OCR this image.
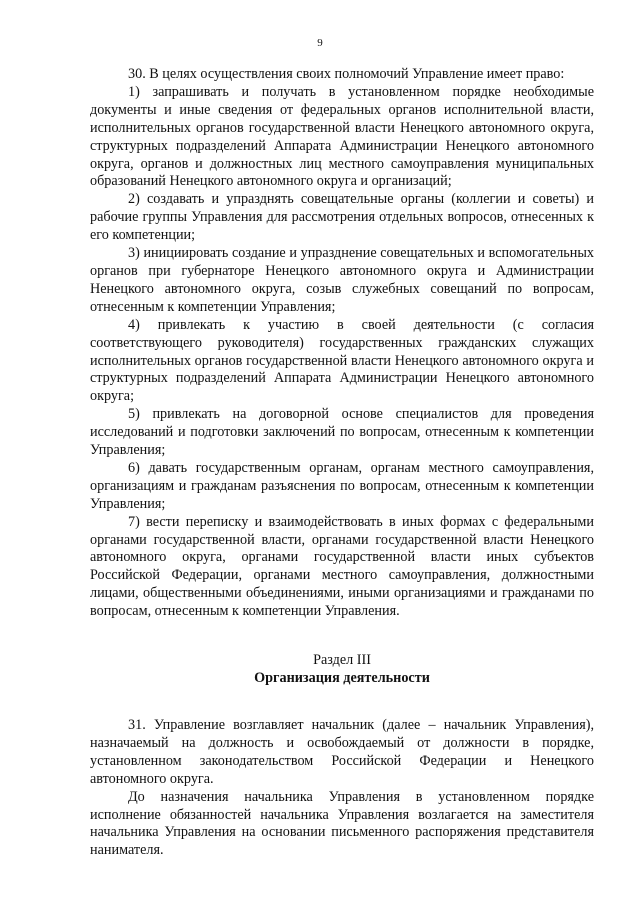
9

30. В целях осуществления своих полномочий Управление имеет право:

1) запрашивать и получать в установленном порядке необходимые документы и иные сведения от федеральных органов исполнительной власти, исполнительных органов государственной власти Ненецкого автономного округа, структурных подразделений Аппарата Администрации Ненецкого автономного округа, органов и должностных лиц местного самоуправления муниципальных образований Ненецкого автономного округа и организаций;

2) создавать и упразднять совещательные органы (коллегии и советы) и рабочие группы Управления для рассмотрения отдельных вопросов, отнесенных к его компетенции;

3) инициировать создание и упразднение совещательных и вспомогательных органов при губернаторе Ненецкого автономного округа и Администрации Ненецкого автономного округа, созыв служебных совещаний по вопросам, отнесенным к компетенции Управления;

4) привлекать к участию в своей деятельности (с согласия соответствующего руководителя) государственных гражданских служащих исполнительных органов государственной власти Ненецкого автономного округа и структурных подразделений Аппарата Администрации Ненецкого автономного округа;

5) привлекать на договорной основе специалистов для проведения исследований и подготовки заключений по вопросам, отнесенным к компетенции Управления;

6) давать государственным органам, органам местного самоуправления, организациям и гражданам разъяснения по вопросам, отнесенным к компетенции Управления;

7) вести переписку и взаимодействовать в иных формах с федеральными органами государственной власти, органами государственной власти Ненецкого автономного округа, органами государственной власти иных субъектов Российской Федерации, органами местного самоуправления, должностными лицами, общественными объединениями, иными организациями и гражданами по вопросам, отнесенным к компетенции Управления.

Раздел III
Организация деятельности

31. Управление возглавляет начальник (далее – начальник Управления), назначаемый на должность и освобождаемый от должности в порядке, установленном законодательством Российской Федерации и Ненецкого автономного округа.

До назначения начальника Управления в установленном порядке исполнение обязанностей начальника Управления возлагается на заместителя начальника Управления на основании письменного распоряжения представителя нанимателя.
